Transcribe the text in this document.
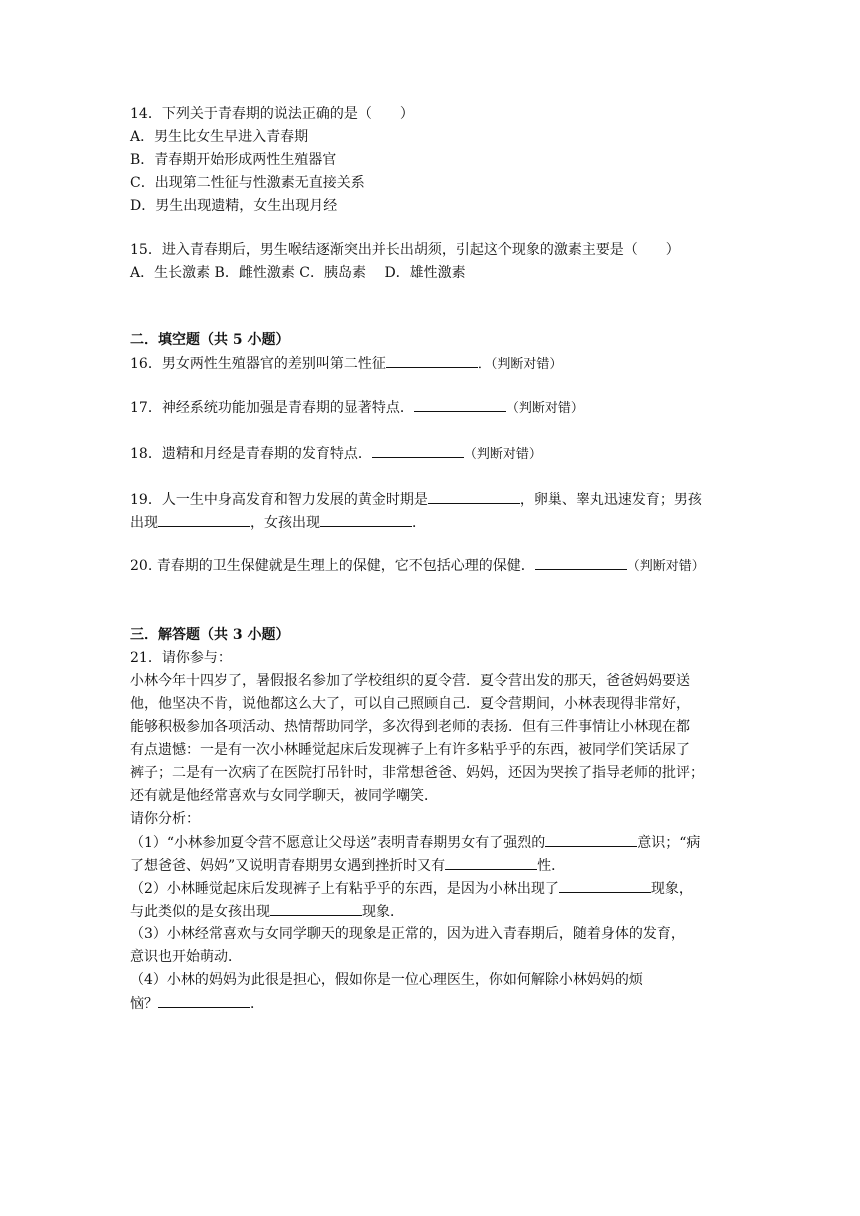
14．下列关于青春期的说法正确的是（　　）
A．男生比女生早进入青春期
B．青春期开始形成两性生殖器官
C．出现第二性征与性激素无直接关系
D．男生出现遗精，女生出现月经
15．进入青春期后，男生喉结逐渐突出并长出胡须，引起这个现象的激素主要是（　　）
A．生长激素 B．雌性激素 C．胰岛素　 D．雄性激素
二．填空题（共 5 小题）
16．男女两性生殖器官的差别叫第二性征	．（判断对错）
17．神经系统功能加强是青春期的显著特点．	（判断对错）
18．遗精和月经是青春期的发育特点．	（判断对错）
19．人一生中身高发育和智力发展的黄金时期是	，卵巢、睾丸迅速发育；男孩
出现	，女孩出现	．
20. 青春期的卫生保健就是生理上的保健，它不包括心理的保健．	（判断对错）
三．解答题（共 3 小题）
21．请你参与：
小林今年十四岁了，暑假报名参加了学校组织的夏令营．夏令营出发的那天，爸爸妈妈要送
他，他坚决不肯，说他都这么大了，可以自己照顾自己．夏令营期间，小林表现得非常好，
能够积极参加各项活动、热情帮助同学，多次得到老师的表扬．但有三件事情让小林现在都
有点遗憾：一是有一次小林睡觉起床后发现裤子上有许多粘乎乎的东西，被同学们笑话尿了
裤子；二是有一次病了在医院打吊针时，非常想爸爸、妈妈，还因为哭挨了指导老师的批评；
还有就是他经常喜欢与女同学聊天，被同学嘲笑．
请你分析：
（1）“小林参加夏令营不愿意让父母送”表明青春期男女有了强烈的	意识；“病
了想爸爸、妈妈”又说明青春期男女遇到挫折时又有	性．
（2）小林睡觉起床后发现裤子上有粘乎乎的东西，是因为小林出现了	现象，
与此类似的是女孩出现	现象．
（3）小林经常喜欢与女同学聊天的现象是正常的，因为进入青春期后，随着身体的发育，
意识也开始萌动．
（4）小林的妈妈为此很是担心，假如你是一位心理医生，你如何解除小林妈妈的烦
恼？	．
